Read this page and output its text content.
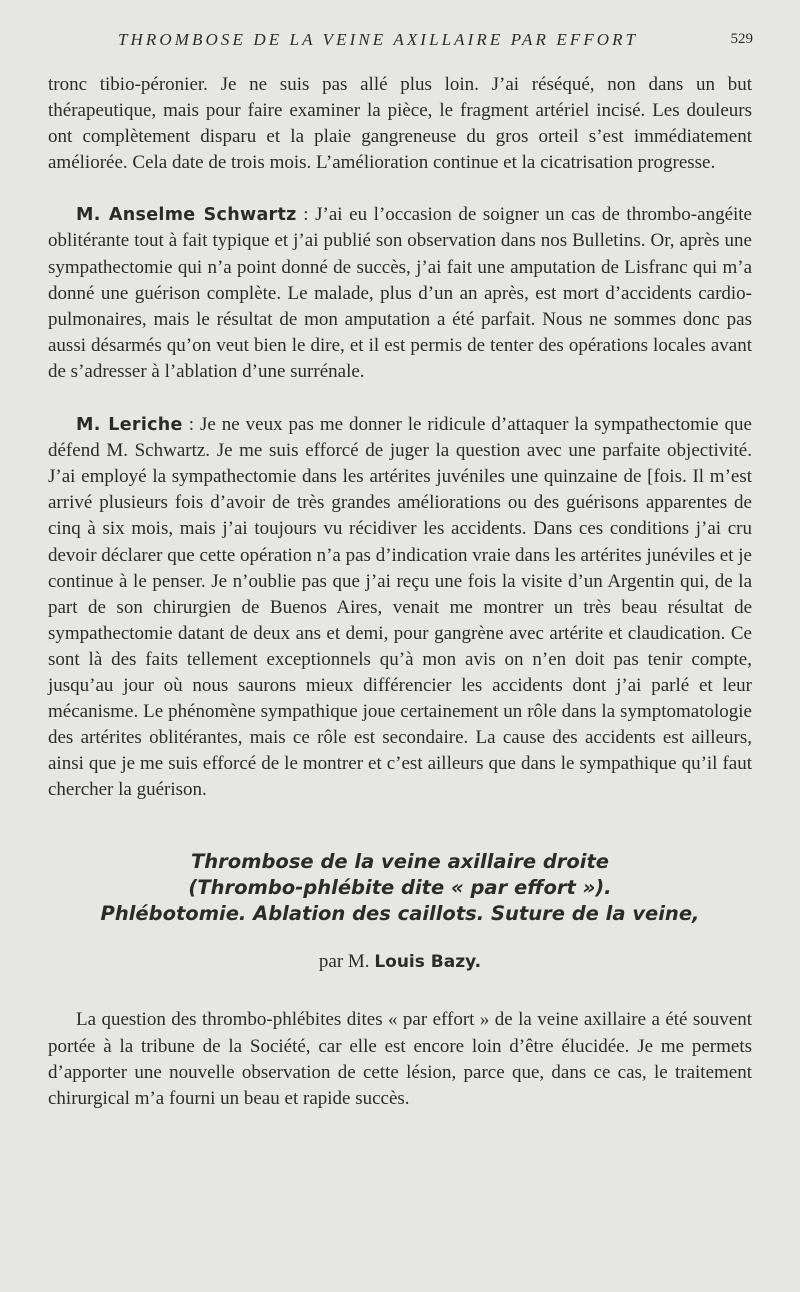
THROMBOSE DE LA VEINE AXILLAIRE PAR EFFORT	529

tronc tibio-péronier. Je ne suis pas allé plus loin. J’ai réséqué, non dans un but thérapeutique, mais pour faire examiner la pièce, le fragment artériel incisé. Les douleurs ont complètement disparu et la plaie gangreneuse du gros orteil s’est immédiatement améliorée. Cela date de trois mois. L’amélioration continue et la cicatrisation progresse.

M. Anselme Schwartz : J’ai eu l’occasion de soigner un cas de thrombo-angéite oblitérante tout à fait typique et j’ai publié son observation dans nos Bulletins. Or, après une sympathectomie qui n’a point donné de succès, j’ai fait une amputation de Lisfranc qui m’a donné une guérison complète. Le malade, plus d’un an après, est mort d’accidents cardio-pulmonaires, mais le résultat de mon amputation a été parfait. Nous ne sommes donc pas aussi désarmés qu’on veut bien le dire, et il est permis de tenter des opérations locales avant de s’adresser à l’ablation d’une surrénale.

M. Leriche : Je ne veux pas me donner le ridicule d’attaquer la sympathectomie que défend M. Schwartz. Je me suis efforcé de juger la question avec une parfaite objectivité. J’ai employé la sympathectomie dans les artérites juvéniles une quinzaine de [fois. Il m’est arrivé plusieurs fois d’avoir de très grandes améliorations ou des guérisons apparentes de cinq à six mois, mais j’ai toujours vu récidiver les accidents. Dans ces conditions j’ai cru devoir déclarer que cette opération n’a pas d’indication vraie dans les artérites junéviles et je continue à le penser. Je n’oublie pas que j’ai reçu une fois la visite d’un Argentin qui, de la part de son chirurgien de Buenos Aires, venait me montrer un très beau résultat de sympathectomie datant de deux ans et demi, pour gangrène avec artérite et claudication. Ce sont là des faits tellement exceptionnels qu’à mon avis on n’en doit pas tenir compte, jusqu’au jour où nous saurons mieux différencier les accidents dont j’ai parlé et leur mécanisme. Le phénomène sympathique joue certainement un rôle dans la symptomatologie des artérites oblitérantes, mais ce rôle est secondaire. La cause des accidents est ailleurs, ainsi que je me suis efforcé de le montrer et c’est ailleurs que dans le sympathique qu’il faut chercher la guérison.

Thrombose de la veine axillaire droite
(Thrombo-phlébite dite « par effort »).
Phlébotomie. Ablation des caillots. Suture de la veine,
par M. Louis Bazy.

La question des thrombo-phlébites dites « par effort » de la veine axillaire a été souvent portée à la tribune de la Société, car elle est encore loin d’être élucidée. Je me permets d’apporter une nouvelle observation de cette lésion, parce que, dans ce cas, le traitement chirurgical m’a fourni un beau et rapide succès.
